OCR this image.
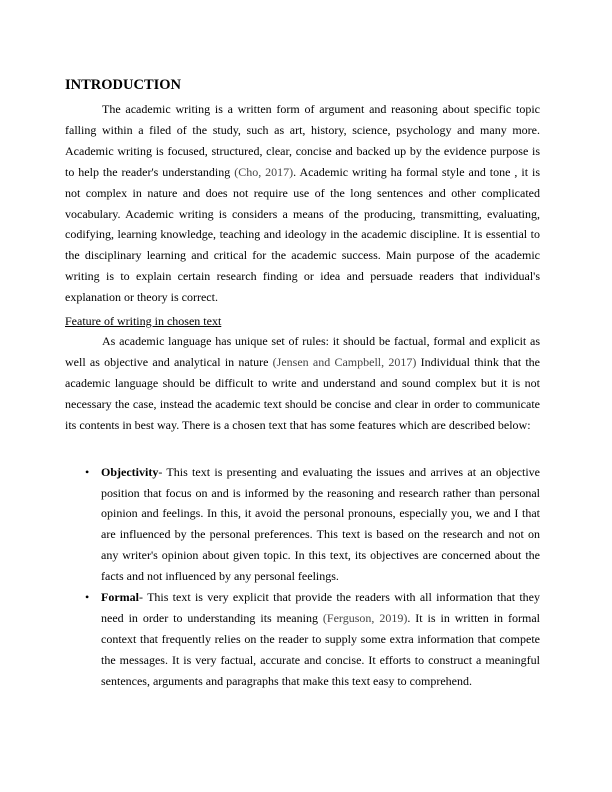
INTRODUCTION

The academic writing is a written form of argument and reasoning about specific topic falling within a filed of the study, such as art, history, science, psychology and many more. Academic writing is focused, structured, clear, concise and backed up by the evidence purpose is to help the reader's understanding (Cho, 2017). Academic writing ha formal style and tone , it is not complex in nature and does not require use of the long sentences and other complicated vocabulary. Academic writing is considers a means of the producing, transmitting, evaluating, codifying, learning knowledge, teaching and ideology in the academic discipline. It is essential to the disciplinary learning and critical for the academic success. Main purpose of the academic writing is to explain certain research finding or idea and persuade readers that individual's explanation or theory is correct.

Feature of writing in chosen text

As academic language has unique set of rules: it should be factual, formal and explicit as well as objective and analytical in nature (Jensen and Campbell, 2017) Individual think that the academic language should be difficult to write and understand and sound complex but it is not necessary the case, instead the academic text should be concise and clear in order to communicate its contents in best way. There is a chosen text that has some features which are described below:

• Objectivity- This text is presenting and evaluating the issues and arrives at an objective position that focus on and is informed by the reasoning and research rather than personal opinion and feelings. In this, it avoid the personal pronouns, especially you, we and I that are influenced by the personal preferences. This text is based on the research and not on any writer's opinion about given topic. In this text, its objectives are concerned about the facts and not influenced by any personal feelings.
• Formal- This text is very explicit that provide the readers with all information that they need in order to understanding its meaning (Ferguson, 2019). It is in written in formal context that frequently relies on the reader to supply some extra information that compete the messages. It is very factual, accurate and concise. It efforts to construct a meaningful sentences, arguments and paragraphs that make this text easy to comprehend.
